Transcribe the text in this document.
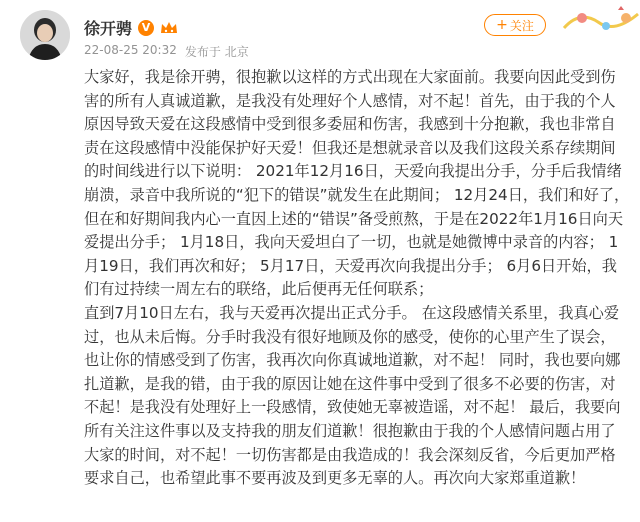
徐开骋 V
22-08-25 20:32 发布于 北京
+ 关注

大家好，我是徐开骋，很抱歉以这样的方式出现在大家面前。我要向因此受到伤害的所有人真诚道歉，是我没有处理好个人感情，对不起！首先，由于我的个人原因导致天爱在这段感情中受到很多委屈和伤害，我感到十分抱歉，我也非常自责在这段感情中没能保护好天爱！但我还是想就录音以及我们这段关系存续期间的时间线进行以下说明： 2021年12月16日，天爱向我提出分手，分手后我情绪崩溃，录音中我所说的“犯下的错误”就发生在此期间； 12月24日，我们和好了，但在和好期间我内心一直因上述的“错误”备受煎熬，于是在2022年1月16日向天爱提出分手； 1月18日，我向天爱坦白了一切，也就是她微博中录音的内容； 1月19日，我们再次和好； 5月17日，天爱再次向我提出分手； 6月6日开始，我们有过持续一周左右的联络，此后便再无任何联系；

直到7月10日左右，我与天爱再次提出正式分手。 在这段感情关系里，我真心爱过，也从未后悔。分手时我没有很好地顾及你的感受，使你的心里产生了误会，也让你的情感受到了伤害，我再次向你真诚地道歉，对不起！ 同时，我也要向娜扎道歉，是我的错，由于我的原因让她在这件事中受到了很多不必要的伤害，对不起！是我没有处理好上一段感情，致使她无辜被造谣，对不起！ 最后，我要向所有关注这件事以及支持我的朋友们道歉！很抱歉由于我的个人感情问题占用了大家的时间，对不起！一切伤害都是由我造成的！我会深刻反省，今后更加严格要求自己，也希望此事不要再波及到更多无辜的人。再次向大家郑重道歉！
